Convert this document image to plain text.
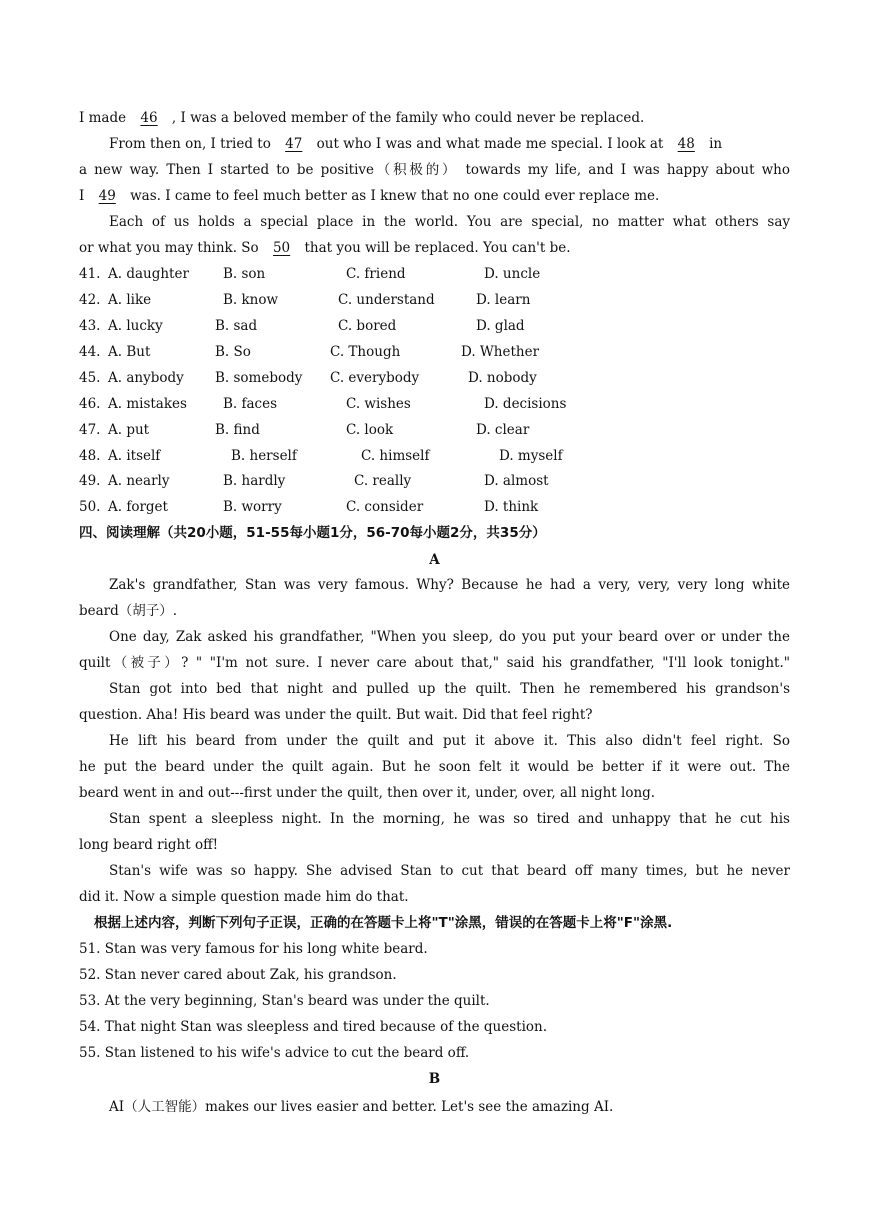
I made 46 , I was a beloved member of the family who could never be replaced.
From then on, I tried to 47 out who I was and what made me special. I look at 48 in
a new way. Then I started to be positive（积极的） towards my life, and I was happy about who
I 49 was. I came to feel much better as I knew that no one could ever replace me.
Each of us holds a special place in the world. You are special, no matter what others say
or what you may think. So 50 that you will be replaced. You can't be.
41. A. daughter	B. son	C. friend	D. uncle
42. A. like	B. know	C. understand	D. learn
43. A. lucky	B. sad	C. bored	D. glad
44. A. But	B. So	C. Though	D. Whether
45. A. anybody B. somebody C. everybody	D. nobody
46. A. mistakes	B. faces	C. wishes	D. decisions
47. A. put	B. find	C. look	D. clear
48. A. itself	B. herself	C. himself	D. myself
49. A. nearly	B. hardly	C. really	D. almost
50. A. forget	B. worry	C. consider	D. think
四、阅读理解（共20小题，51-55每小题1分，56-70每小题2分，共35分）
A
Zak's grandfather, Stan was very famous. Why? Because he had a very, very, very long white
beard（胡子）.
One day, Zak asked his grandfather, "When you sleep, do you put your beard over or under the
quilt（被子）? " "I'm not sure. I never care about that," said his grandfather, "I'll look tonight."
Stan got into bed that night and pulled up the quilt. Then he remembered his grandson's
question. Aha! His beard was under the quilt. But wait. Did that feel right?
He lift his beard from under the quilt and put it above it. This also didn't feel right. So
he put the beard under the quilt again. But he soon felt it would be better if it were out. The
beard went in and out---first under the quilt, then over it, under, over, all night long.
Stan spent a sleepless night. In the morning, he was so tired and unhappy that he cut his
long beard right off!
Stan's wife was so happy. She advised Stan to cut that beard off many times, but he never
did it. Now a simple question made him do that.
根据上述内容，判断下列句子正误，正确的在答题卡上将"T"涂黑，错误的在答题卡上将"F"涂黑.
51. Stan was very famous for his long white beard.
52. Stan never cared about Zak, his grandson.
53. At the very beginning, Stan's beard was under the quilt.
54. That night Stan was sleepless and tired because of the question.
55. Stan listened to his wife's advice to cut the beard off.
B
AI（人工智能）makes our lives easier and better. Let's see the amazing AI.
